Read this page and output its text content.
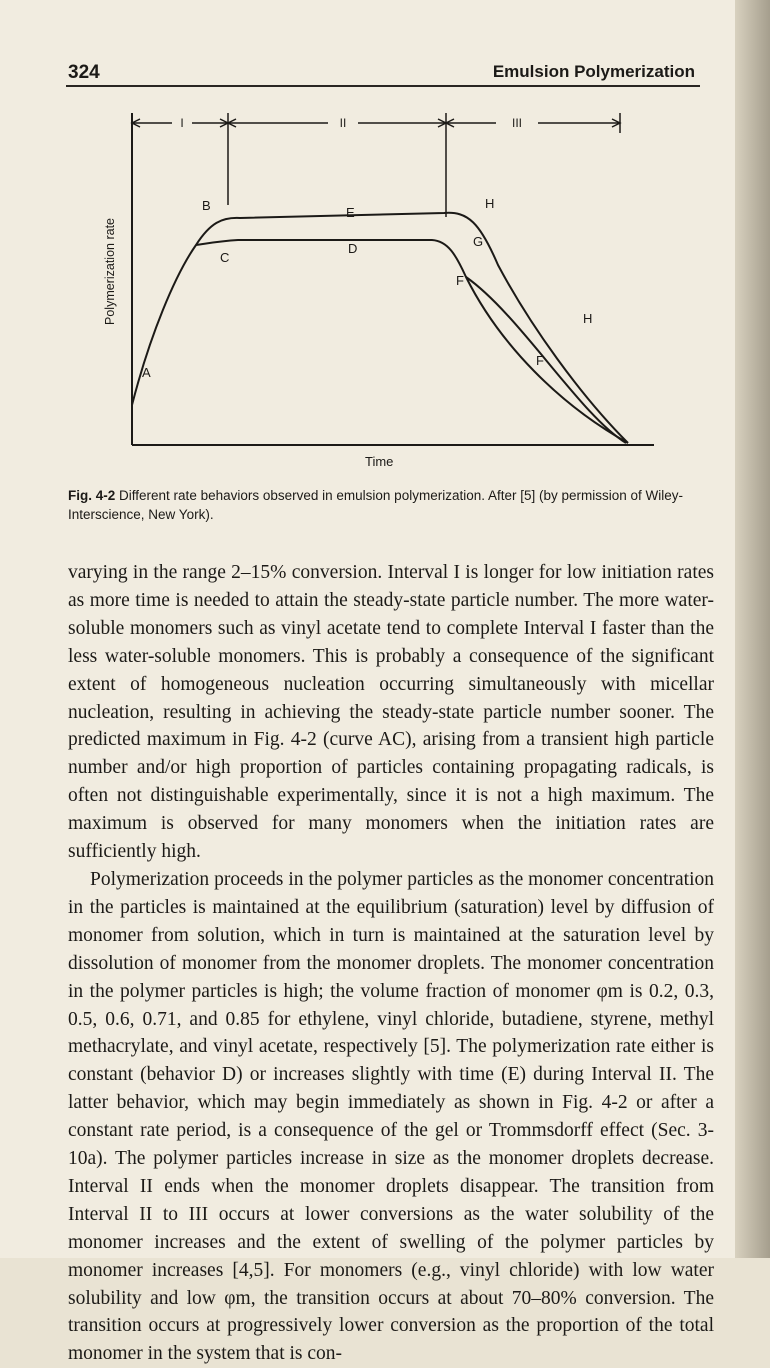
324	Emulsion Polymerization
I	II	III
Polymerization rate
Time
A
B
C
D
E
F
F
G
H
H
Fig. 4-2 Different rate behaviors observed in emulsion polymerization. After [5] (by permission of Wiley-Interscience, New York).

varying in the range 2–15% conversion. Interval I is longer for low initiation rates as more time is needed to attain the steady-state particle number. The more water-soluble monomers such as vinyl acetate tend to complete Interval I faster than the less water-soluble monomers. This is probably a consequence of the significant extent of homogeneous nucleation occurring simultaneously with micellar nucleation, resulting in achieving the steady-state particle number sooner. The predicted maximum in Fig. 4-2 (curve AC), arising from a transient high particle number and/or high proportion of particles containing propagating radicals, is often not distinguishable experimentally, since it is not a high maximum. The maximum is observed for many monomers when the initiation rates are sufficiently high.

Polymerization proceeds in the polymer particles as the monomer concentration in the particles is maintained at the equilibrium (saturation) level by diffusion of monomer from solution, which in turn is maintained at the saturation level by dissolution of monomer from the monomer droplets. The monomer concentration in the polymer particles is high; the volume fraction of monomer φm is 0.2, 0.3, 0.5, 0.6, 0.71, and 0.85 for ethylene, vinyl chloride, butadiene, styrene, methyl methacrylate, and vinyl acetate, respectively [5]. The polymerization rate either is constant (behavior D) or increases slightly with time (E) during Interval II. The latter behavior, which may begin immediately as shown in Fig. 4-2 or after a constant rate period, is a consequence of the gel or Trommsdorff effect (Sec. 3-10a). The polymer particles increase in size as the monomer droplets decrease. Interval II ends when the monomer droplets disappear. The transition from Interval II to III occurs at lower conversions as the water solubility of the monomer increases and the extent of swelling of the polymer particles by monomer increases [4,5]. For monomers (e.g., vinyl chloride) with low water solubility and low φm, the transition occurs at about 70–80% conversion. The transition occurs at progressively lower conversion as the proportion of the total monomer in the system that is con-
